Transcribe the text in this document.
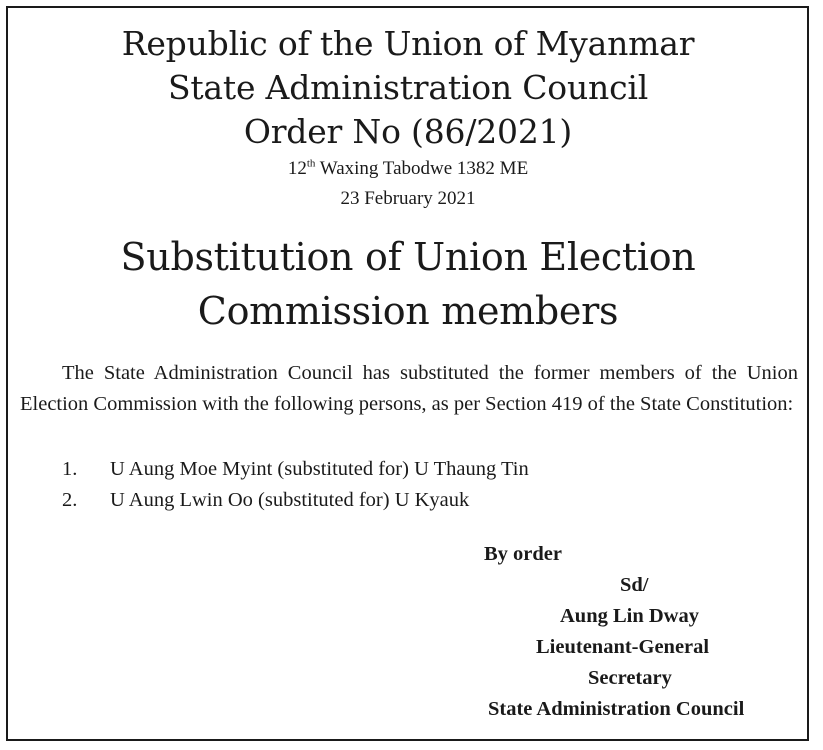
Republic of the Union of Myanmar
State Administration Council
Order No (86/2021)
12th Waxing Tabodwe 1382 ME
23 February 2021
Substitution of Union Election
Commission members

The State Administration Council has substituted the former members of the Union Election Commission with the following persons, as per Section 419 of the State Constitution:

1.	U Aung Moe Myint (substituted for) U Thaung Tin
2.	U Aung Lwin Oo (substituted for) U Kyauk
By order
Sd/
Aung Lin Dway
Lieutenant-General
Secretary
State Administration Council
